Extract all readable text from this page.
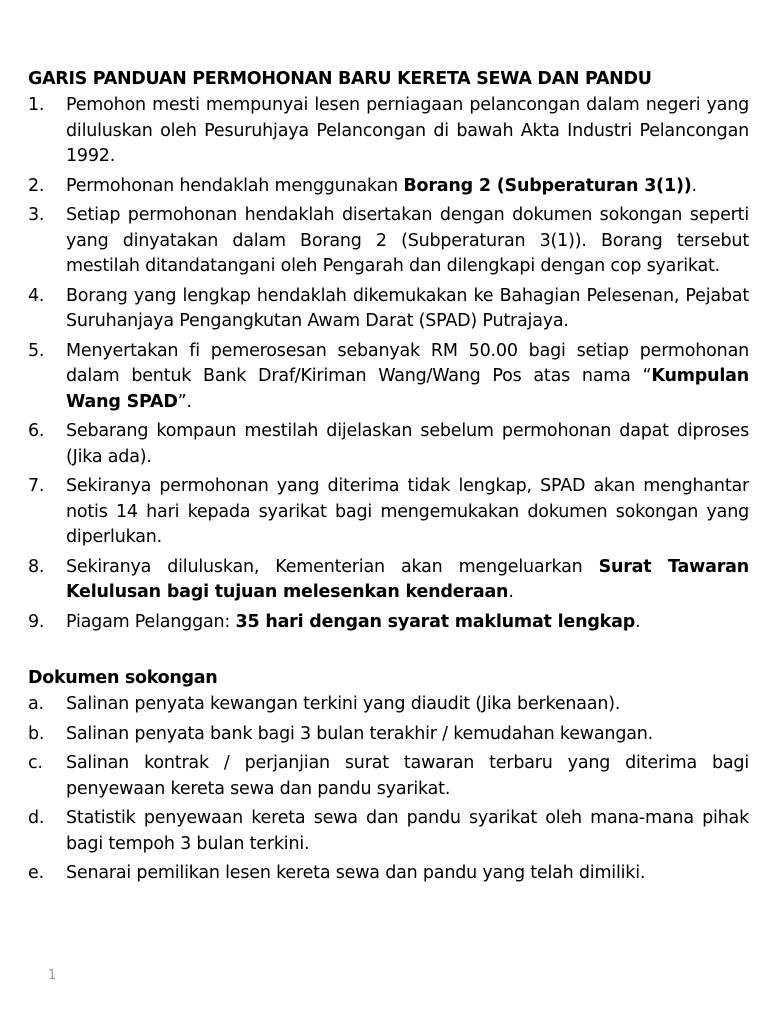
GARIS PANDUAN PERMOHONAN BARU KERETA SEWA DAN PANDU
1.	Pemohon mesti mempunyai lesen perniagaan pelancongan dalam negeri yang diluluskan oleh Pesuruhjaya Pelancongan di bawah Akta Industri Pelancongan 1992.
2.	Permohonan hendaklah menggunakan Borang 2 (Subperaturan 3(1)).
3.	Setiap permohonan hendaklah disertakan dengan dokumen sokongan seperti yang dinyatakan dalam Borang 2 (Subperaturan 3(1)). Borang tersebut mestilah ditandatangani oleh Pengarah dan dilengkapi dengan cop syarikat.
4.	Borang yang lengkap hendaklah dikemukakan ke Bahagian Pelesenan, Pejabat Suruhanjaya Pengangkutan Awam Darat (SPAD) Putrajaya.
5.	Menyertakan fi pemerosesan sebanyak RM 50.00 bagi setiap permohonan dalam bentuk Bank Draf/Kiriman Wang/Wang Pos atas nama “Kumpulan Wang SPAD”.
6.	Sebarang kompaun mestilah dijelaskan sebelum permohonan dapat diproses (Jika ada).
7.	Sekiranya permohonan yang diterima tidak lengkap, SPAD akan menghantar notis 14 hari kepada syarikat bagi mengemukakan dokumen sokongan yang diperlukan.
8.	Sekiranya diluluskan, Kementerian akan mengeluarkan Surat Tawaran Kelulusan bagi tujuan melesenkan kenderaan.
9.	Piagam Pelanggan: 35 hari dengan syarat maklumat lengkap.
Dokumen sokongan
a.	Salinan penyata kewangan terkini yang diaudit (Jika berkenaan).
b.	Salinan penyata bank bagi 3 bulan terakhir / kemudahan kewangan.
c.	Salinan kontrak / perjanjian surat tawaran terbaru yang diterima bagi penyewaan kereta sewa dan pandu syarikat.
d.	Statistik penyewaan kereta sewa dan pandu syarikat oleh mana-mana pihak bagi tempoh 3 bulan terkini.
e.	Senarai pemilikan lesen kereta sewa dan pandu yang telah dimiliki.
1
